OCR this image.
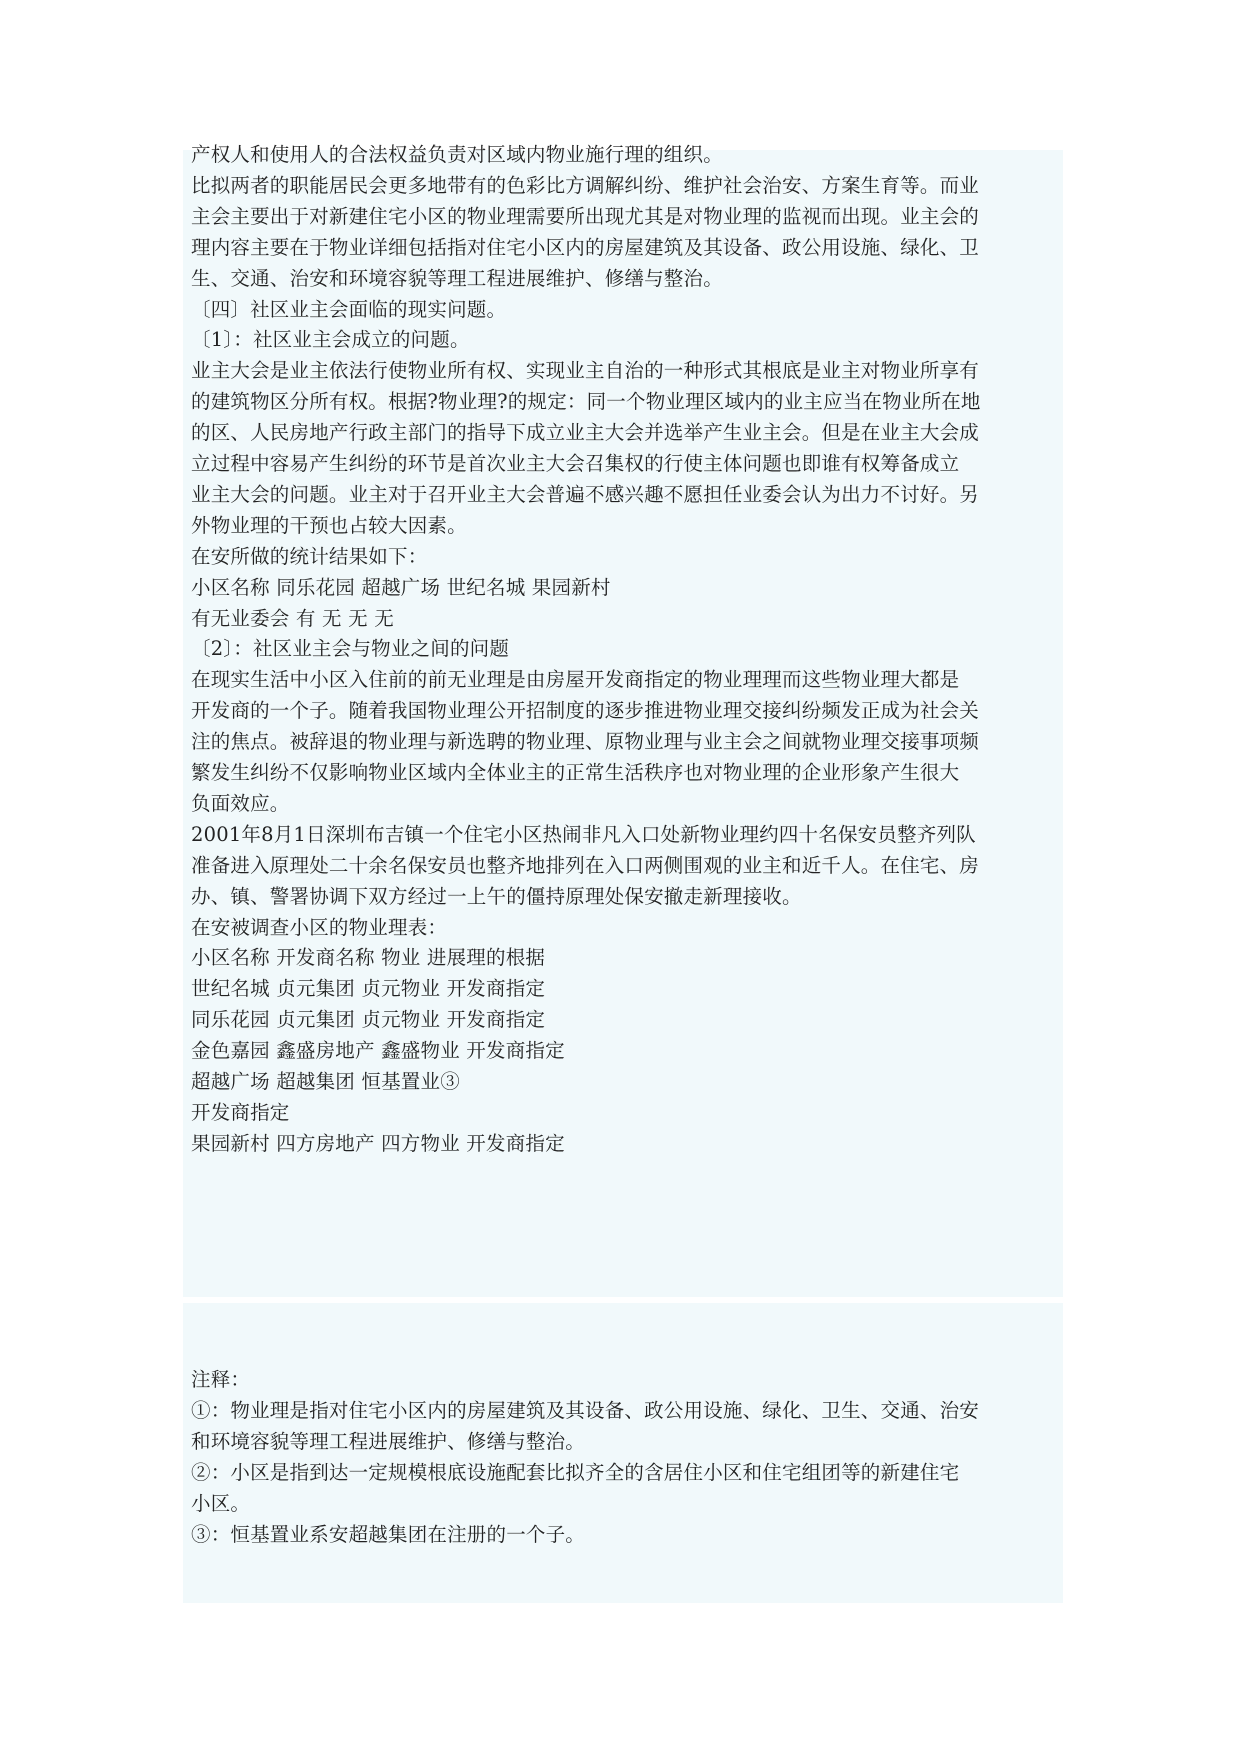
产权人和使用人的合法权益负责对区域内物业施行理的组织。
比拟两者的职能居民会更多地带有的色彩比方调解纠纷、维护社会治安、方案生育等。而业
主会主要出于对新建住宅小区的物业理需要所出现尤其是对物业理的监视而出现。业主会的
理内容主要在于物业详细包括指对住宅小区内的房屋建筑及其设备、政公用设施、绿化、卫
生、交通、治安和环境容貌等理工程进展维护、修缮与整治。
〔四〕社区业主会面临的现实问题。
〔1〕：社区业主会成立的问题。
业主大会是业主依法行使物业所有权、实现业主自治的一种形式其根底是业主对物业所享有
的建筑物区分所有权。根据?物业理?的规定：同一个物业理区域内的业主应当在物业所在地
的区、人民房地产行政主部门的指导下成立业主大会并选举产生业主会。但是在业主大会成
立过程中容易产生纠纷的环节是首次业主大会召集权的行使主体问题也即谁有权筹备成立
业主大会的问题。业主对于召开业主大会普遍不感兴趣不愿担任业委会认为出力不讨好。另
外物业理的干预也占较大因素。
在安所做的统计结果如下：
小区名称 同乐花园 超越广场 世纪名城 果园新村
有无业委会 有 无 无 无
〔2〕：社区业主会与物业之间的问题
在现实生活中小区入住前的前无业理是由房屋开发商指定的物业理理而这些物业理大都是
开发商的一个子。随着我国物业理公开招制度的逐步推进物业理交接纠纷频发正成为社会关
注的焦点。被辞退的物业理与新选聘的物业理、原物业理与业主会之间就物业理交接事项频
繁发生纠纷不仅影响物业区域内全体业主的正常生活秩序也对物业理的企业形象产生很大
负面效应。
2001年8月1日深圳布吉镇一个住宅小区热闹非凡入口处新物业理约四十名保安员整齐列队
准备进入原理处二十余名保安员也整齐地排列在入口两侧围观的业主和近千人。在住宅、房
办、镇、警署协调下双方经过一上午的僵持原理处保安撤走新理接收。
在安被调查小区的物业理表：
小区名称 开发商名称 物业 进展理的根据
世纪名城 贞元集团 贞元物业 开发商指定
同乐花园 贞元集团 贞元物业 开发商指定
金色嘉园 鑫盛房地产 鑫盛物业 开发商指定
超越广场 超越集团 恒基置业③
开发商指定
果园新村 四方房地产 四方物业 开发商指定
注释：
①：物业理是指对住宅小区内的房屋建筑及其设备、政公用设施、绿化、卫生、交通、治安
和环境容貌等理工程进展维护、修缮与整治。
②：小区是指到达一定规模根底设施配套比拟齐全的含居住小区和住宅组团等的新建住宅
小区。
③：恒基置业系安超越集团在注册的一个子。
